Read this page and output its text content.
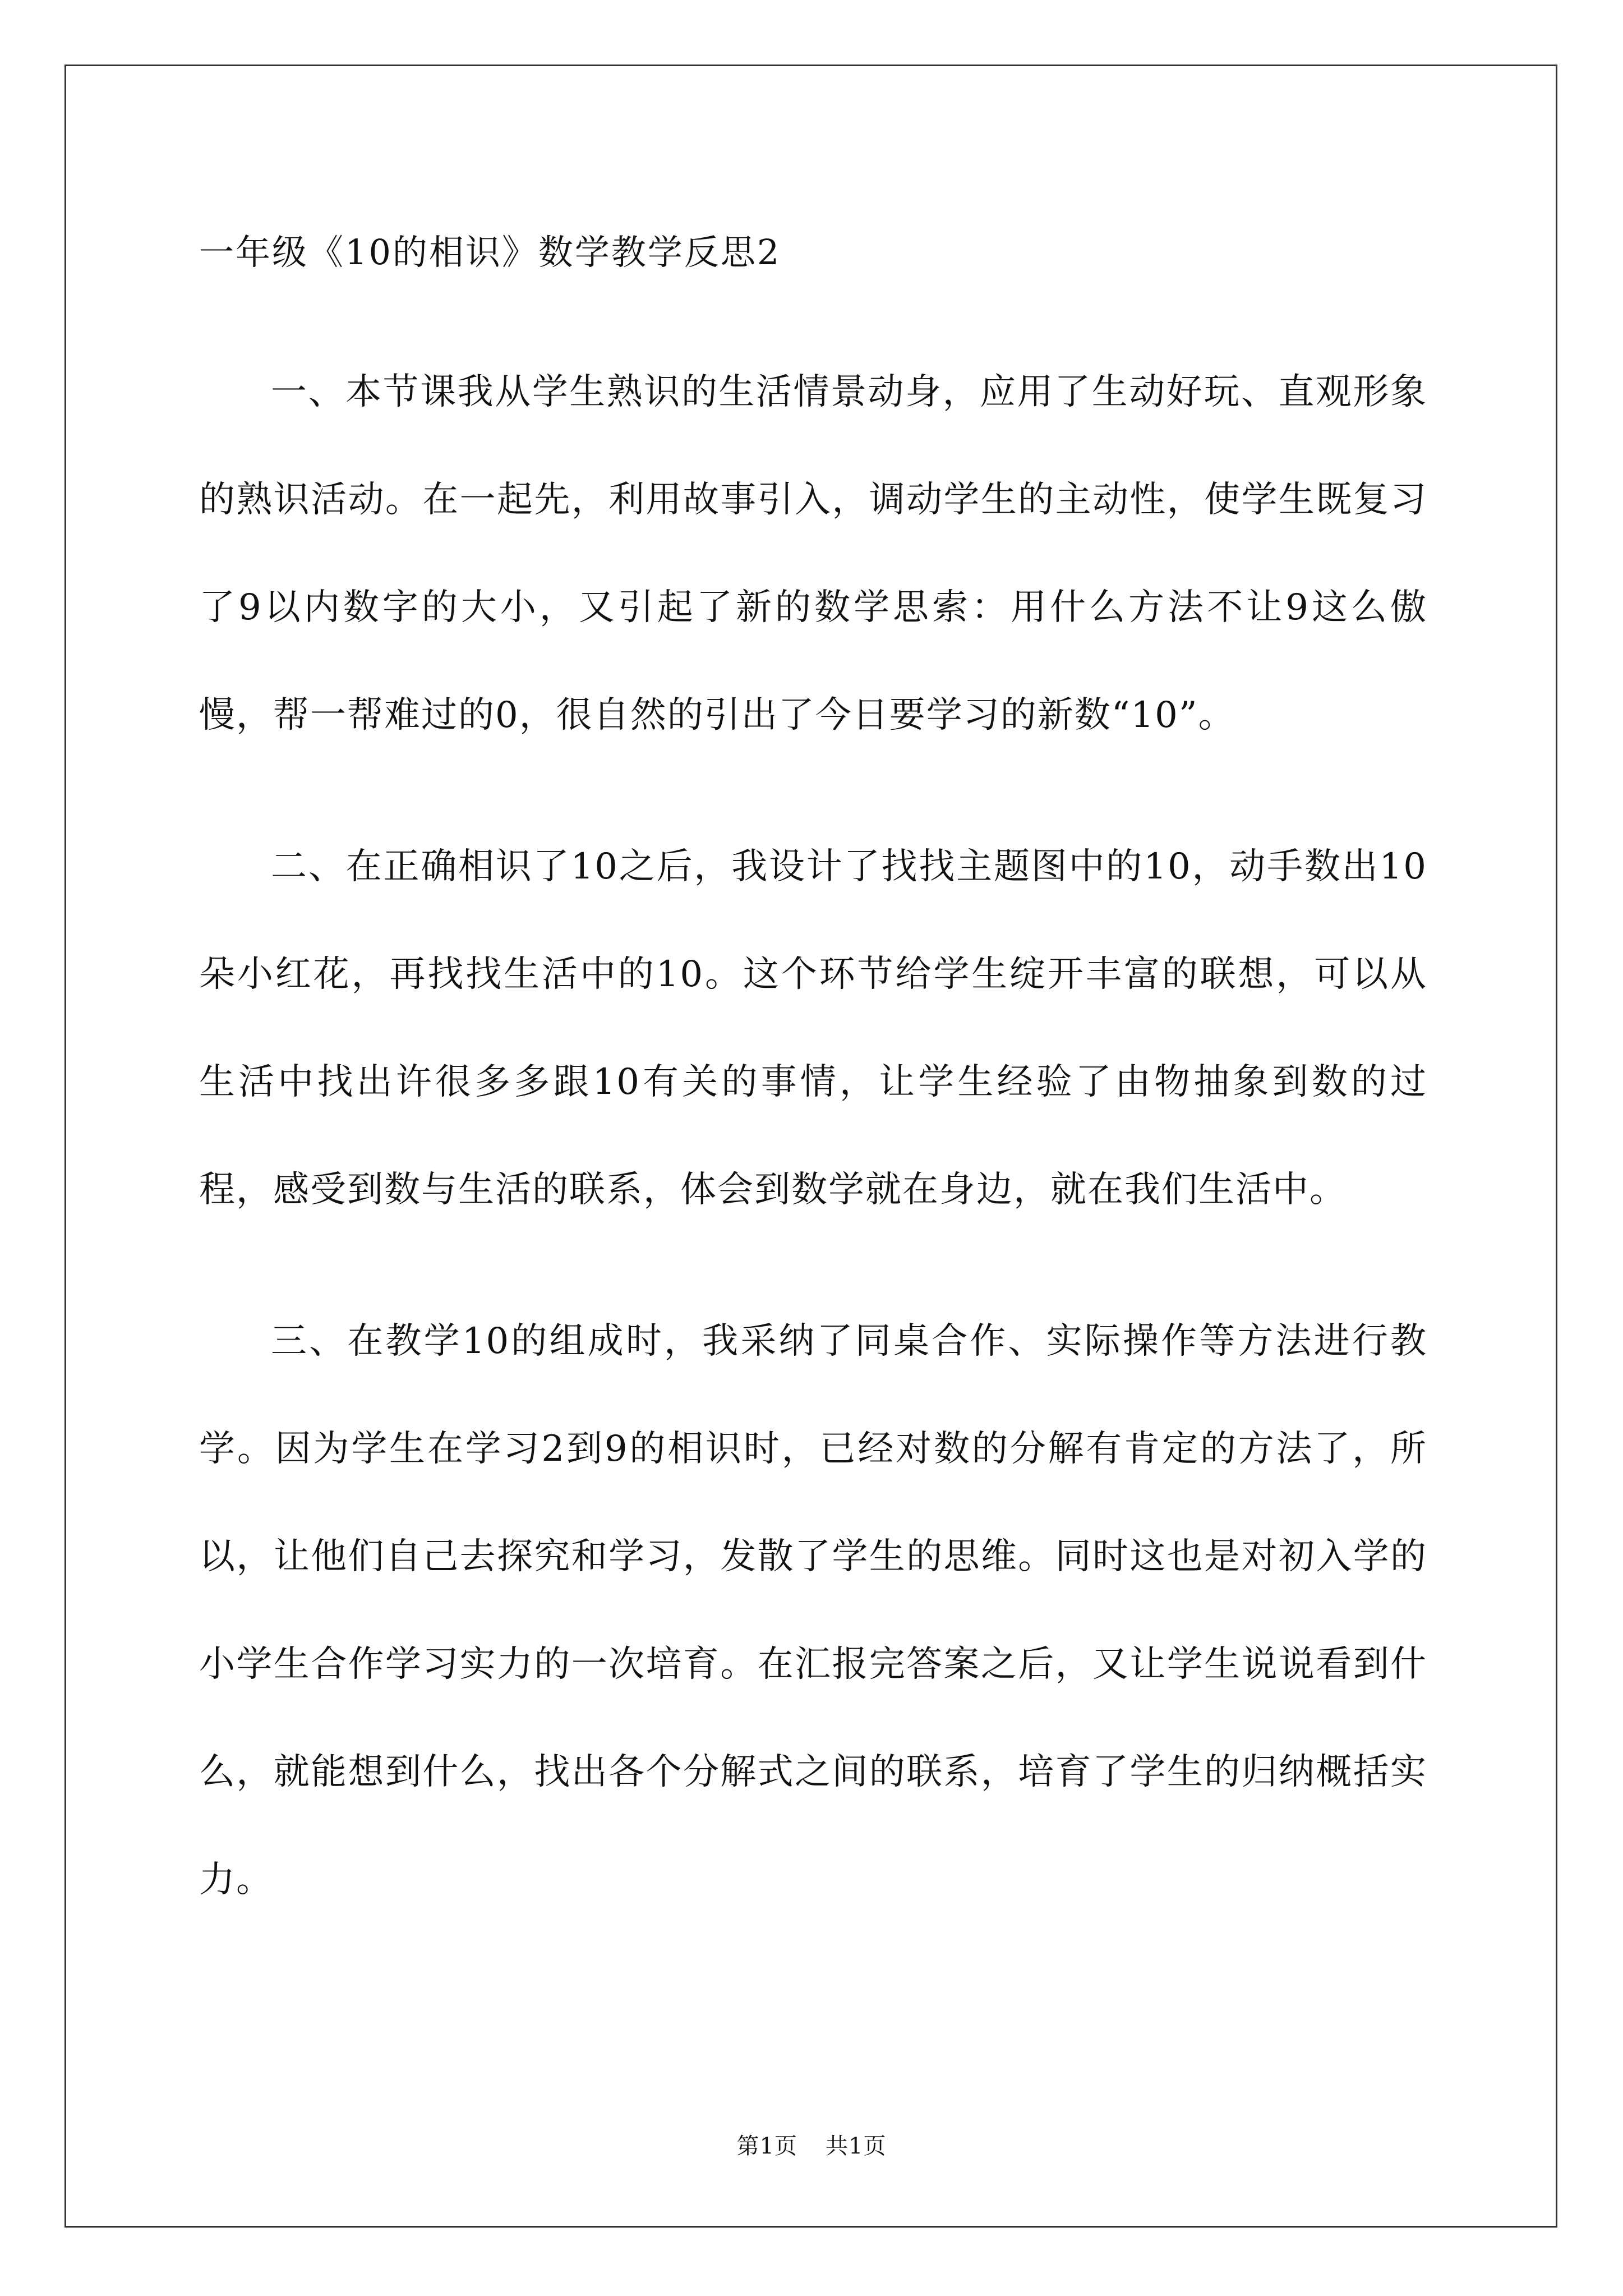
一年级《10的相识》数学教学反思2

一、本节课我从学生熟识的生活情景动身，应用了生动好玩、直观形象的熟识活动。在一起先，利用故事引入，调动学生的主动性，使学生既复习了9以内数字的大小，又引起了新的数学思索：用什么方法不让9这么傲慢，帮一帮难过的0，很自然的引出了今日要学习的新数“10”。

二、在正确相识了10之后，我设计了找找主题图中的10，动手数出10朵小红花，再找找生活中的10。这个环节给学生绽开丰富的联想，可以从生活中找出许很多多跟10有关的事情，让学生经验了由物抽象到数的过程，感受到数与生活的联系，体会到数学就在身边，就在我们生活中。

三、在教学10的组成时，我采纳了同桌合作、实际操作等方法进行教学。因为学生在学习2到9的相识时，已经对数的分解有肯定的方法了，所以，让他们自己去探究和学习，发散了学生的思维。同时这也是对初入学的小学生合作学习实力的一次培育。在汇报完答案之后，又让学生说说看到什么，就能想到什么，找出各个分解式之间的联系，培育了学生的归纳概括实力。

第1页 共1页
